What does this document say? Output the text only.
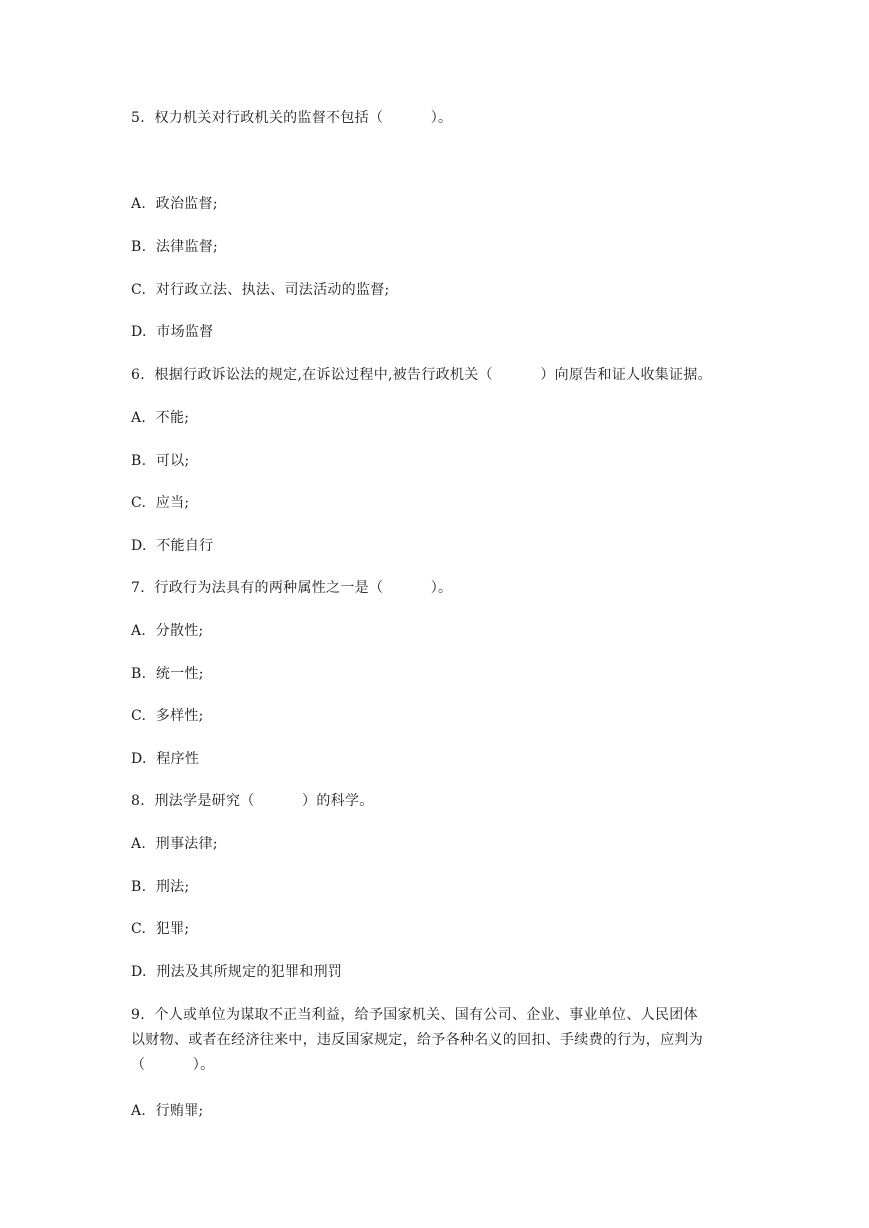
5.  权力机关对行政机关的监督不包括（          ）。
A.  政治监督;
B.  法律监督;
C.  对行政立法、执法、司法活动的监督;
D.  市场监督
6.  根据行政诉讼法的规定,在诉讼过程中,被告行政机关（          ）向原告和证人收集证据。
A.  不能;
B.  可以;
C.  应当;
D.  不能自行
7.  行政行为法具有的两种属性之一是（          ）。
A.  分散性;
B.  统一性;
C.  多样性;
D.  程序性
8.  刑法学是研究（          ）的科学。
A.  刑事法律;
B.  刑法;
C.  犯罪;
D.  刑法及其所规定的犯罪和刑罚
9.  个人或单位为谋取不正当利益，给予国家机关、国有公司、企业、事业单位、人民团体
以财物、或者在经济往来中，违反国家规定，给予各种名义的回扣、手续费的行为，应判为
（          ）。
A.  行贿罪;
